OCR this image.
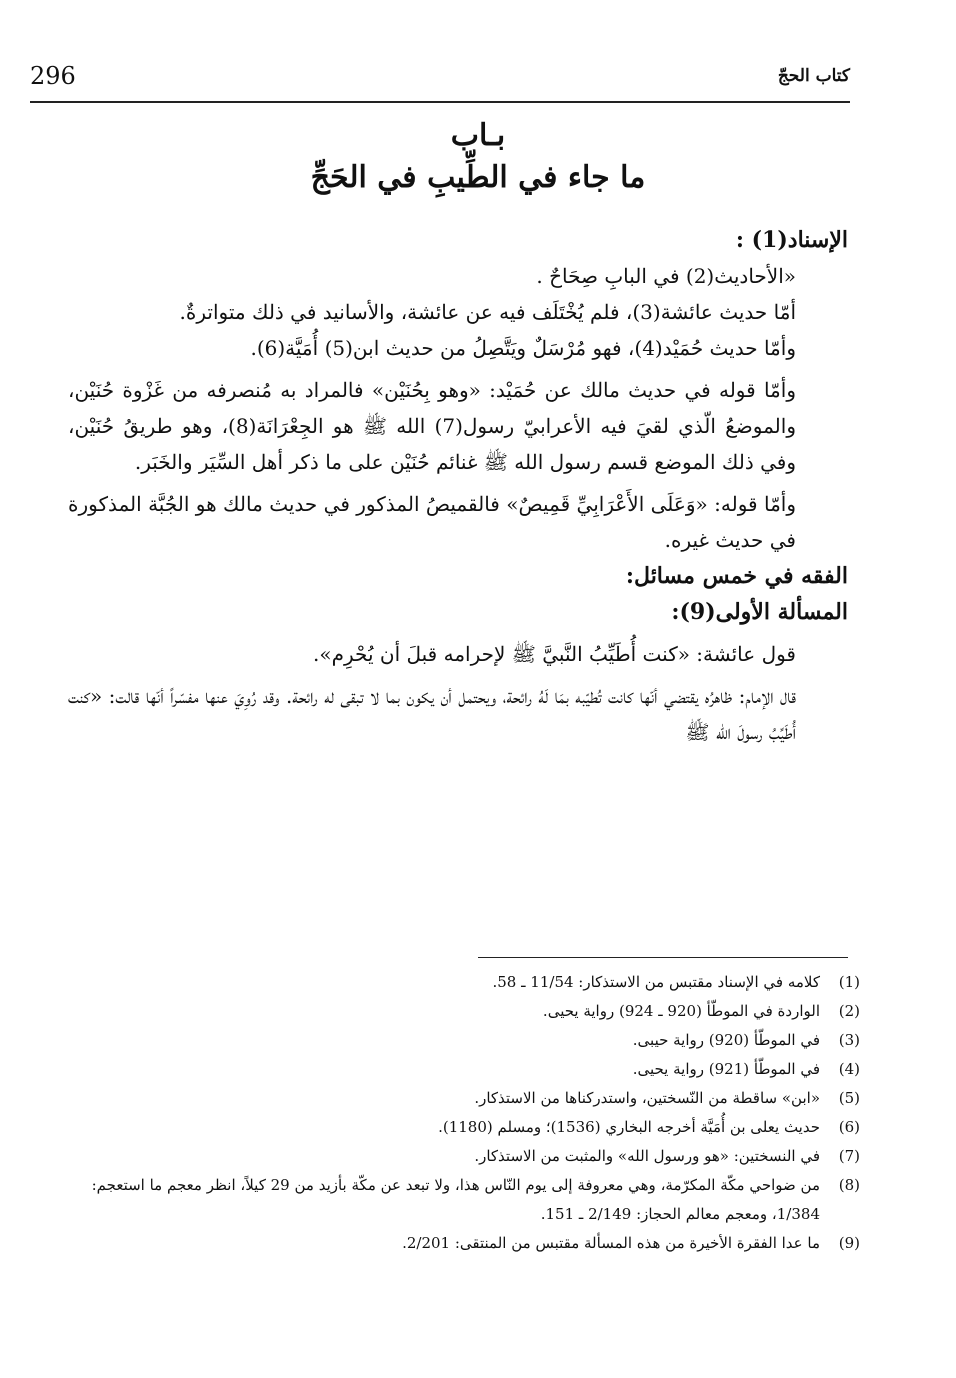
296	كتاب الحجّ
بـاب
ما جاء في الطِّيبِ في الحَجِّ

الإسناد(1) :

«الأحاديث(2) في البابِ صِحَاحٌ .

أمّا حديث عائشة(3)، فلم يُخْتَلَف فيه عن عائشة، والأسانيد في ذلك متواترةٌ.

وأمّا حديث حُمَيْد(4)، فهو مُرْسَلٌ ويَتَّصِلُ من حديث ابن(5) أُمَيَّة(6).

وأمّا قوله في حديث مالك عن حُمَيْد: «وهو بِحُنَيْن» فالمراد به مُنصرفه من غَزْوة حُنَيْن، والموضعُ الّذي لقيَ فيه الأعرابيّ رسول(7) الله ﷺ هو الجِعْرَانَة(8)، وهو طريقُ حُنَيْن، وفي ذلك الموضع قسم رسول الله ﷺ غنائم حُنَيْن على ما ذكر أهل السِّيَر والخَبَر.

وأمّا قوله: «وَعَلَى الأَعْرَابِيِّ قَمِيصٌ» فالقميصُ المذكور في حديث مالك هو الجُبَّة المذكورة في حديث غيره.

الفقه في خمس مسائل:

المسألة الأولى(9):

قول عائشة: «كنت أُطَيِّبُ النَّبيَّ ﷺ لإحرامه قبلَ أن يُحْرِم».

قال الإمام: ظاهرُه يقتضي أنّها كانت تُطيّبه بمَا لَهُ رائحة، ويحتمل أن يكون بما لا تبقى له رائحة. وقد رُوِيَ عنها مفسّراً أنّها قالت: «كنت أُطَيِّبُ رسولَ الله ﷺ

(1)
كلامه في الإسناد مقتبس من الاستذكار: 11/54 ـ 58.
(2)
الواردة في الموطّأ (920 ـ 924) رواية يحيى.
(3)
في الموطّأ (920) رواية حيبى.
(4)
في الموطّأ (921) رواية يحيى.
(5)
«ابن» ساقطة من النّسختين، واستدركناها من الاستذكار.
(6)
حديث يعلى بن أُمَيَّة أخرجه البخاري (1536)؛ ومسلم (1180).
(7)
في النسختين: «هو ورسول الله» والمثبت من الاستذكار.
(8)
من ضواحي مكّة المكرّمة، وهي معروفة إلى يوم النّاس هذا، ولا تبعد عن مكّة بأزيد من 29 كيلاً، انظر معجم ما استعجم: 1/384، ومعجم معالم الحجاز: 2/149 ـ 151.
(9)
ما عدا الفقرة الأخيرة من هذه المسألة مقتبس من المنتقى: 2/201.
